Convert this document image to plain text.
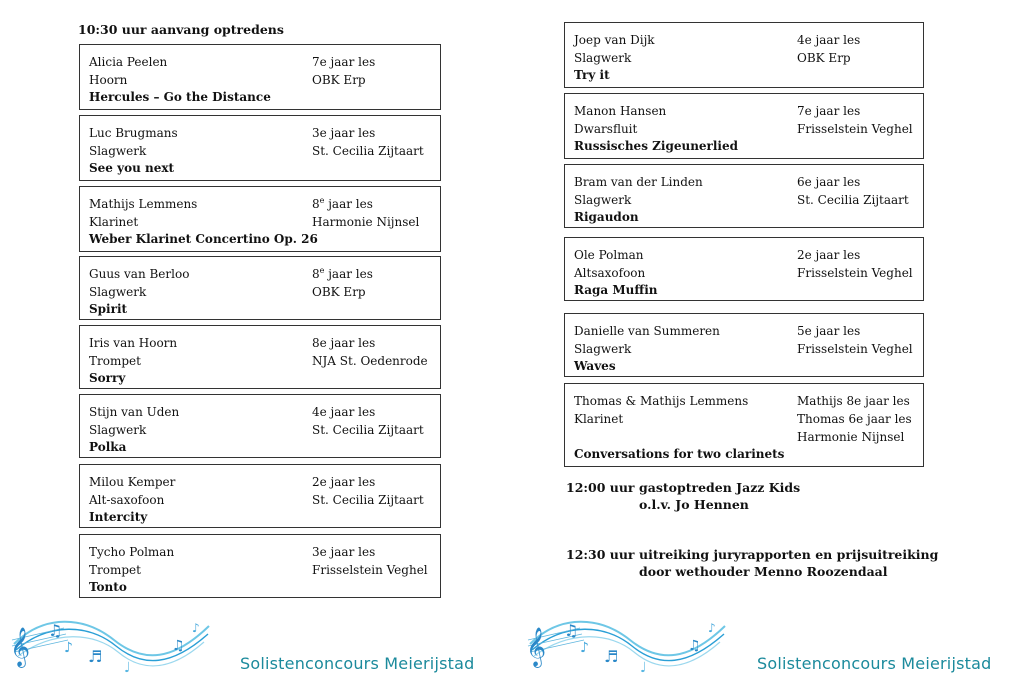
10:30 uur aanvang optredens
Alicia Peelen
Hoorn
Hercules – Go the Distance
7e jaar les
OBK Erp
Luc Brugmans
Slagwerk
See you next
3e jaar les
St. Cecilia Zijtaart
Mathijs Lemmens
Klarinet
Weber Klarinet Concertino Op. 26
8e jaar les
Harmonie Nijnsel
Guus van Berloo
Slagwerk
Spirit
8e jaar les
OBK Erp
Iris van Hoorn
Trompet
Sorry
8e jaar les
NJA St. Oedenrode
Stijn van Uden
Slagwerk
Polka
4e jaar les
St. Cecilia Zijtaart
Milou Kemper
Alt-saxofoon
Intercity
2e jaar les
St. Cecilia Zijtaart
Tycho Polman
Trompet
Tonto
3e jaar les
Frisselstein Veghel
Joep van Dijk
Slagwerk
Try it
4e jaar les
OBK Erp
Manon Hansen
Dwarsfluit
Russisches Zigeunerlied
7e jaar les
Frisselstein Veghel
Bram van der Linden
Slagwerk
Rigaudon
6e jaar les
St. Cecilia Zijtaart
Ole Polman
Altsaxofoon
Raga Muffin
2e jaar les
Frisselstein Veghel
Danielle van Summeren
Slagwerk
Waves
5e jaar les
Frisselstein Veghel
Thomas & Mathijs Lemmens
Klarinet
Conversations for two clarinets
Mathijs 8e jaar les
Thomas 6e jaar les
Harmonie Nijnsel
12:00 uur gastoptreden Jazz Kids
o.l.v. Jo Hennen
12:30 uur uitreiking juryrapporten en prijsuitreiking
door wethouder Menno Roozendaal
𝄞 ♫
♪ ♬
♩
♫
♪
Solistenconcours Meierijstad 𝄞 ♫
♪ ♬
♩
♫
♪
Solistenconcours Meierijstad
